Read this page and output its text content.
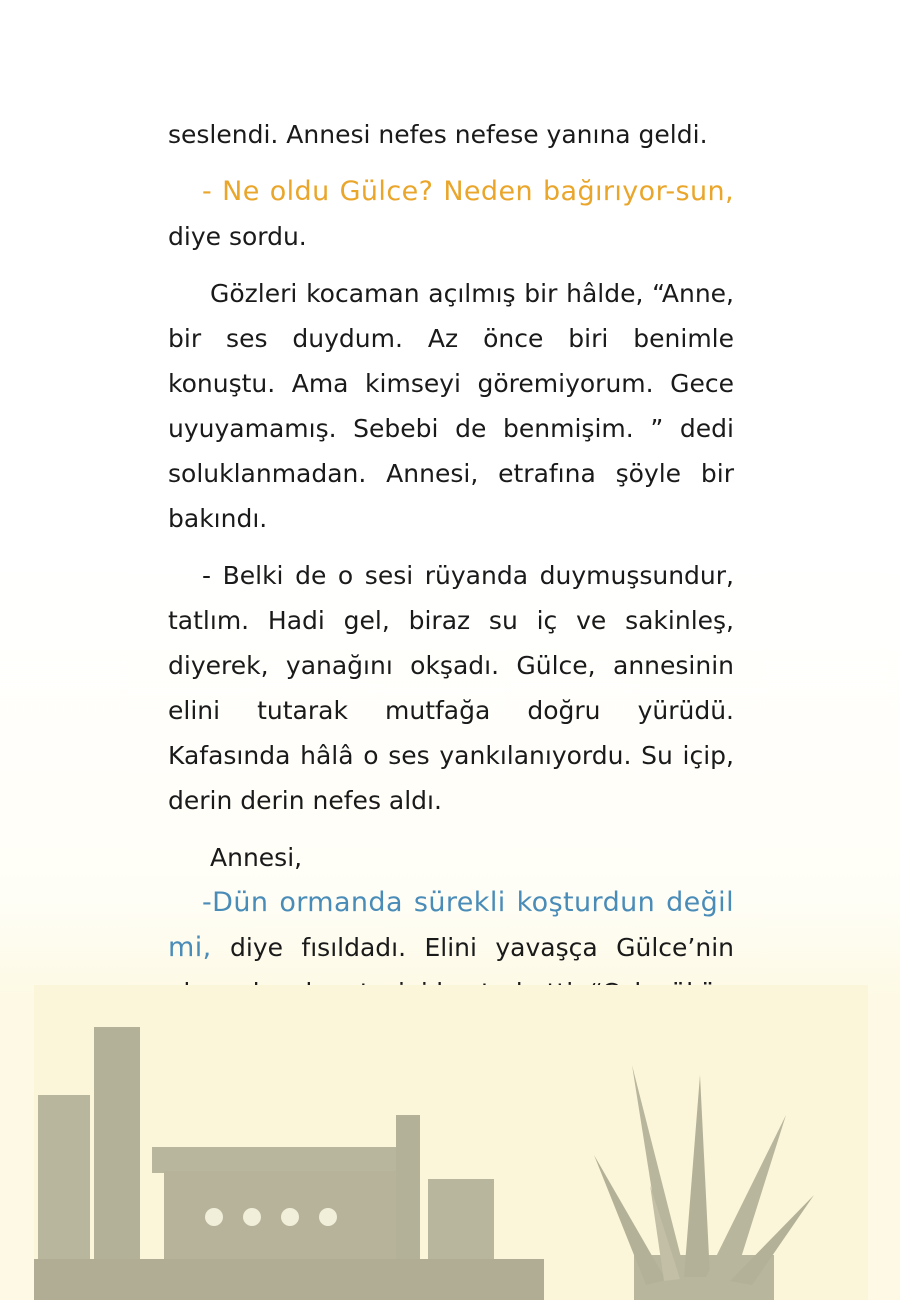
seslendi. Annesi nefes nefese yanına geldi.

- Ne oldu Gülce? Neden bağırıyor-sun, diye sordu.

Gözleri kocaman açılmış bir hâlde, “Anne, bir ses duydum. Az önce biri benimle konuştu. Ama kimseyi göremiyorum. Gece uyuyamamış. Sebebi de benmişim. ” dedi soluklanmadan. Annesi, etrafına şöyle bir bakındı.

- Belki de o sesi rüyanda duymuşsundur, tatlım. Hadi gel, biraz su iç ve sakinleş, diyerek, yanağını okşadı. Gülce, annesinin elini tutarak mutfağa doğru yürüdü. Kafasında hâlâ o ses yankılanıyordu. Su içip, derin derin nefes aldı.

Annesi,

-Dün ormanda sürekli koşturdun değil mi, diye fısıldadı. Elini yavaşça Gülce’nin
